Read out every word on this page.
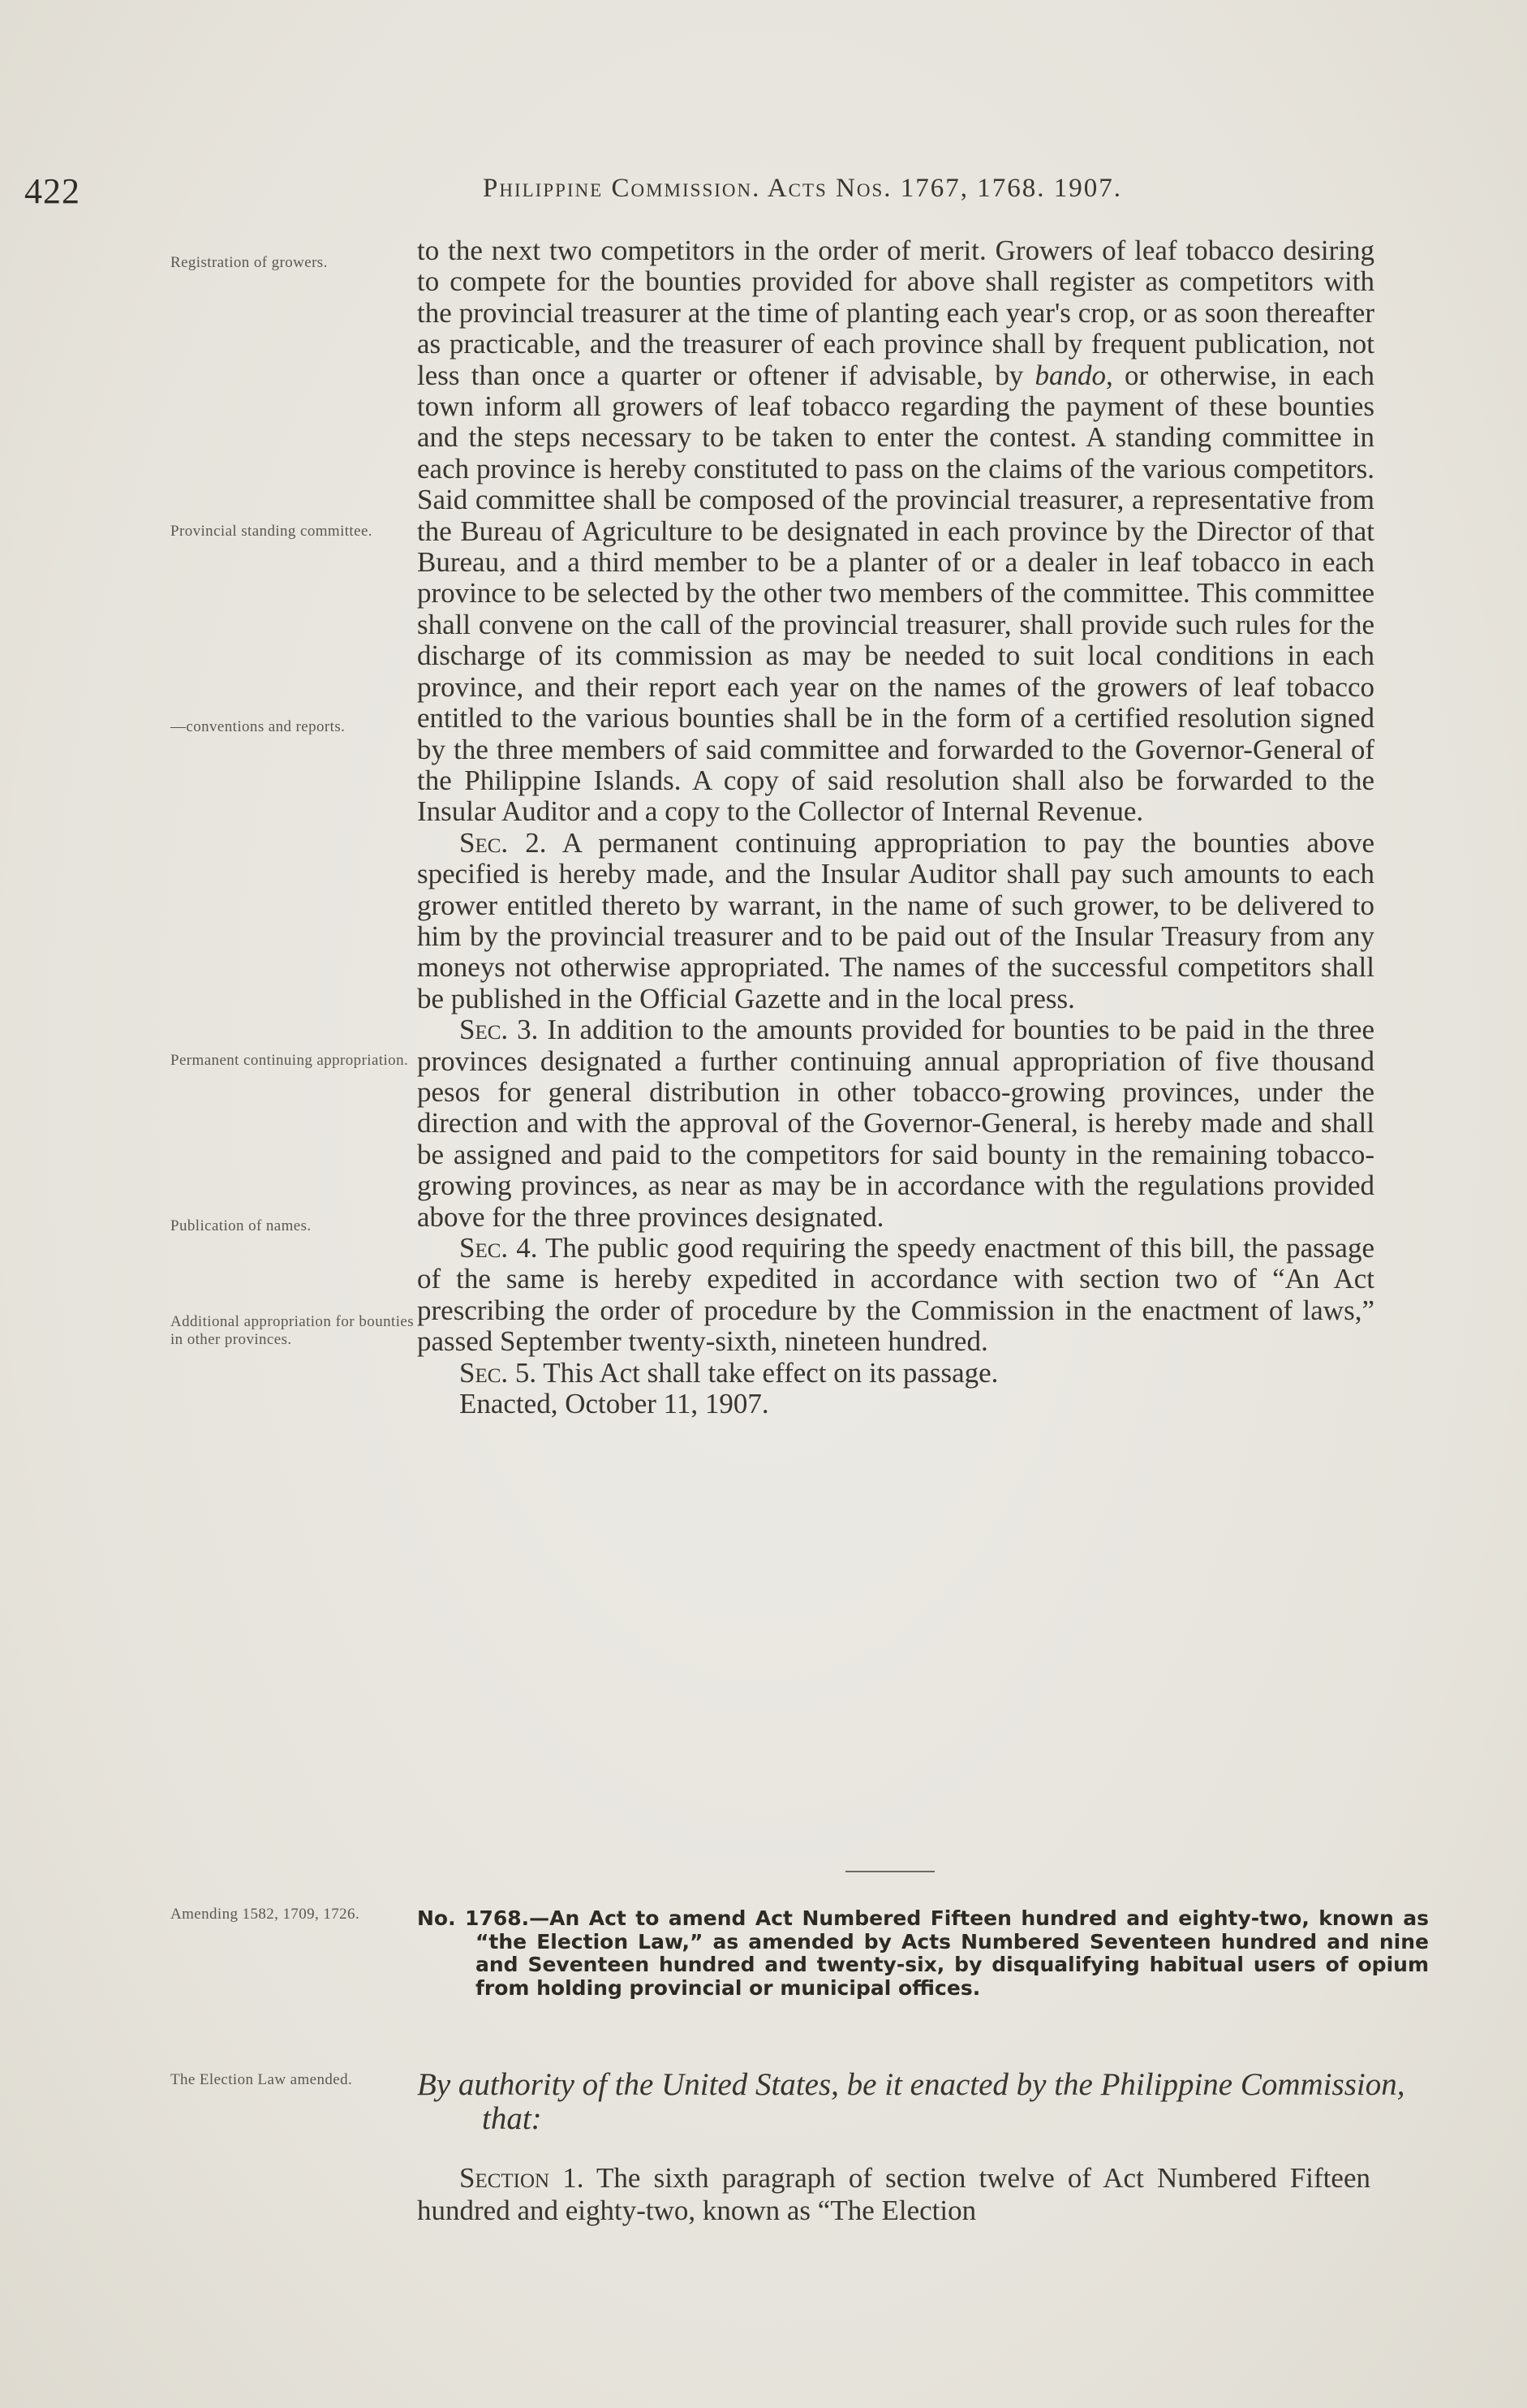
422	Philippine Commission. Acts Nos. 1767, 1768. 1907.
Registration of growers.
Provincial standing committee.
—conventions and reports.
Permanent continuing appropriation.
Publication of names.
Additional appropriation for bounties in other provinces.
Amending 1582, 1709, 1726.
The Election Law amended.

to the next two competitors in the order of merit. Growers of leaf tobacco desiring to compete for the bounties provided for above shall register as competitors with the provincial treasurer at the time of planting each year's crop, or as soon thereafter as practicable, and the treasurer of each province shall by frequent publication, not less than once a quarter or oftener if advisable, by bando, or otherwise, in each town inform all growers of leaf tobacco regarding the payment of these bounties and the steps necessary to be taken to enter the contest. A standing committee in each province is hereby constituted to pass on the claims of the various competitors. Said committee shall be composed of the provincial treasurer, a representative from the Bureau of Agriculture to be designated in each province by the Director of that Bureau, and a third member to be a planter of or a dealer in leaf tobacco in each province to be selected by the other two members of the committee. This committee shall convene on the call of the provincial treasurer, shall provide such rules for the discharge of its commission as may be needed to suit local conditions in each province, and their report each year on the names of the growers of leaf tobacco entitled to the various bounties shall be in the form of a certified resolution signed by the three members of said committee and forwarded to the Governor-General of the Philippine Islands. A copy of said resolution shall also be forwarded to the Insular Auditor and a copy to the Collector of Internal Revenue.

Sec. 2. A permanent continuing appropriation to pay the bounties above specified is hereby made, and the Insular Auditor shall pay such amounts to each grower entitled thereto by warrant, in the name of such grower, to be delivered to him by the provincial treasurer and to be paid out of the Insular Treasury from any moneys not otherwise appropriated. The names of the successful competitors shall be published in the Official Gazette and in the local press.

Sec. 3. In addition to the amounts provided for bounties to be paid in the three provinces designated a further continuing annual appropriation of five thousand pesos for general distribution in other tobacco-growing provinces, under the direction and with the approval of the Governor-General, is hereby made and shall be assigned and paid to the competitors for said bounty in the remaining tobacco-growing provinces, as near as may be in accordance with the regulations provided above for the three provinces designated.

Sec. 4. The public good requiring the speedy enactment of this bill, the passage of the same is hereby expedited in accordance with section two of “An Act prescribing the order of procedure by the Commission in the enactment of laws,” passed September twenty-sixth, nineteen hundred.

Sec. 5. This Act shall take effect on its passage.

Enacted, October 11, 1907.

No. 1768.—An Act to amend Act Numbered Fifteen hundred and eighty-two, known as “the Election Law,” as amended by Acts Numbered Seventeen hundred and nine and Seventeen hundred and twenty-six, by disqualifying habitual users of opium from holding provincial or municipal offices.
By authority of the United States, be it enacted by the Philippine Commission, that:
Section 1. The sixth paragraph of section twelve of Act Numbered Fifteen hundred and eighty-two, known as “The Election
